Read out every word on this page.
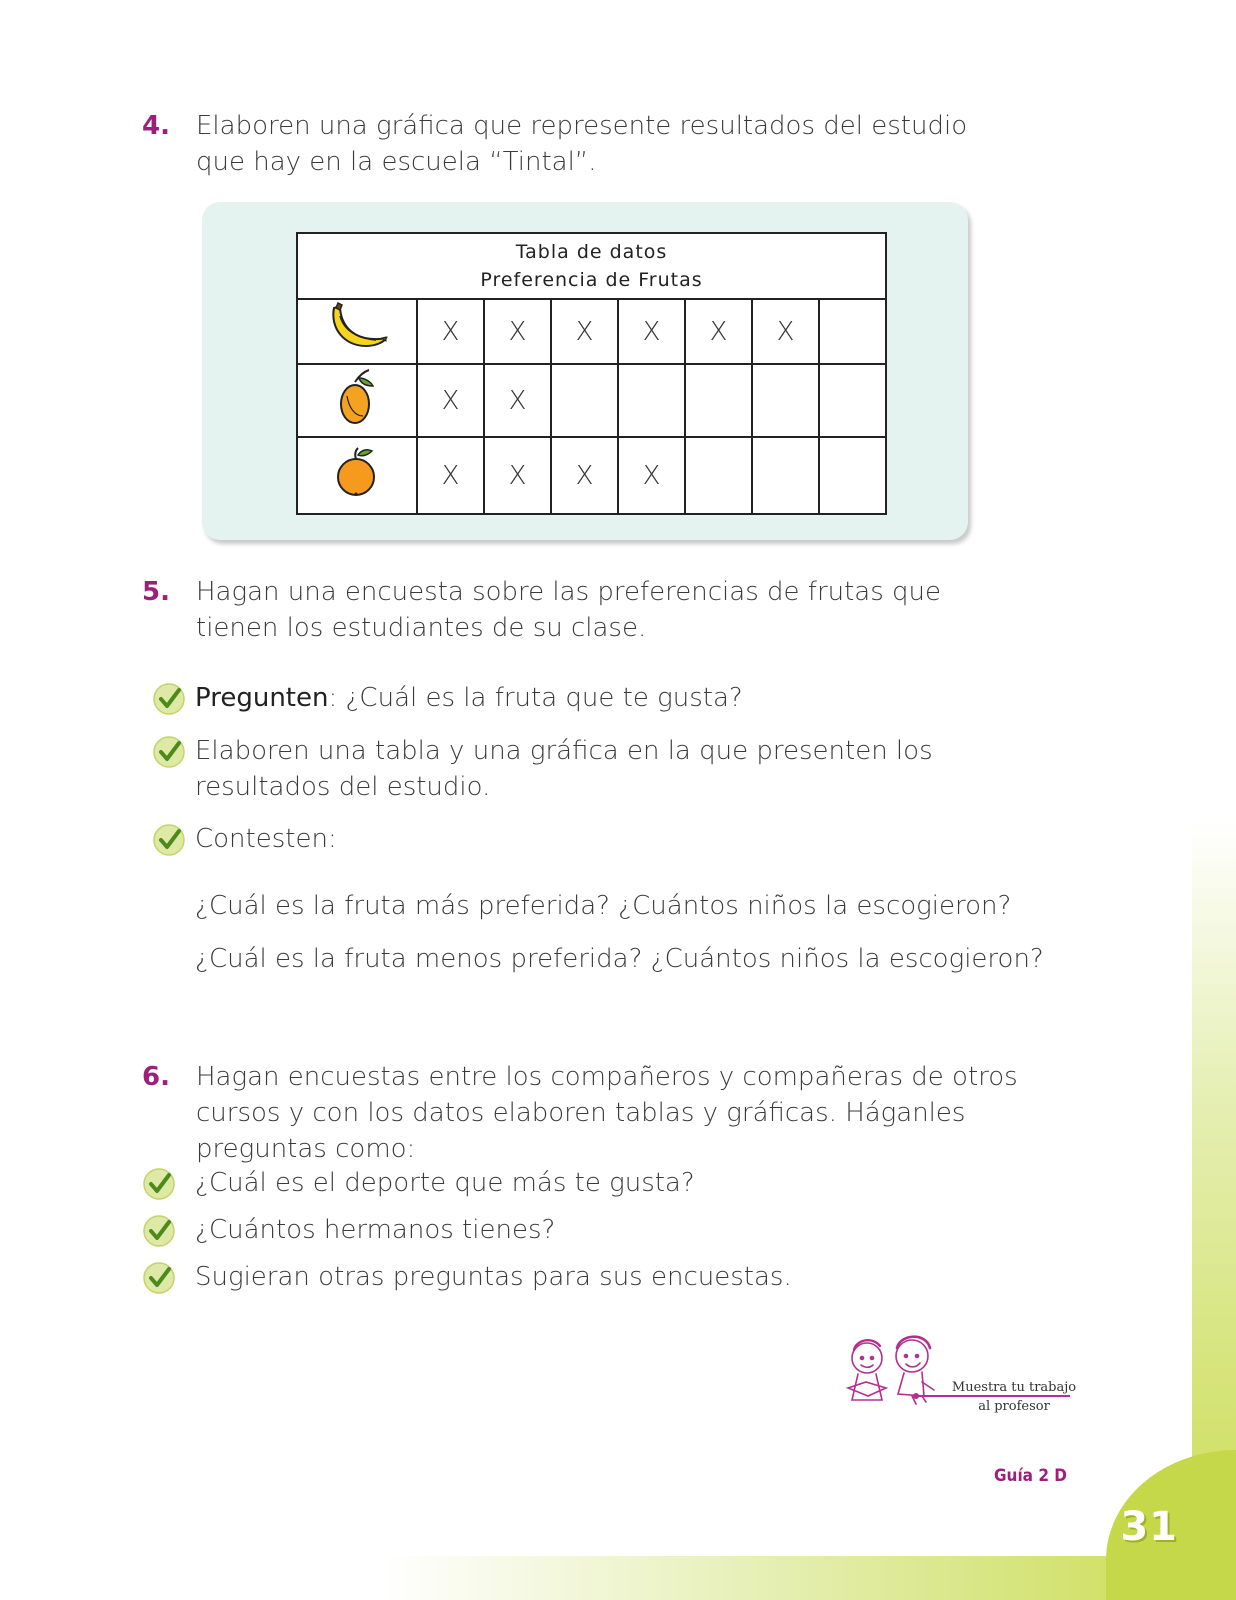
31
Guía 2 D
4. Elaboren una gráfica que represente resultados del estudio que hay en la escuela “Tintal”.
Tabla de datos
Preferencia de Frutas							

	X	X	X	X	X	X	
	X	X					
	X	X	X	X			
5. Hagan una encuesta sobre las preferencias de frutas que tienen los estudiantes de su clase.
Pregunten: ¿Cuál es la fruta que te gusta?
Elaboren una tabla y una gráfica en la que presenten los resultados del estudio.
Contesten:
¿Cuál es la fruta más preferida? ¿Cuántos niños la escogieron?
¿Cuál es la fruta menos preferida? ¿Cuántos niños la escogieron?
6. Hagan encuestas entre los compañeros y compañeras de otros cursos y con los datos elaboren tablas y gráficas. Háganles preguntas como:
¿Cuál es el deporte que más te gusta?
¿Cuántos hermanos tienes?
Sugieran otras preguntas para sus encuestas.
Muestra tu trabajo
al profesor
